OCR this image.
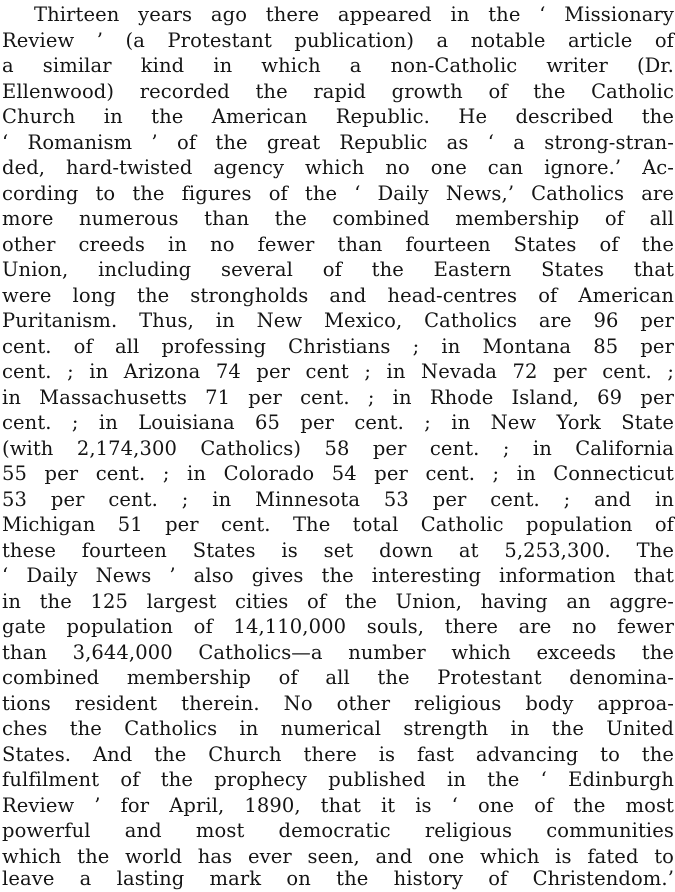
Thirteen years ago there appeared in the ‘ Missionary
Review ’ (a Protestant publication) a notable article of
a similar kind in which a non-Catholic writer (Dr.
Ellenwood) recorded the rapid growth of the Catholic
Church in the American Republic. He described the
‘ Romanism ’ of the great Republic as ‘ a strong-stran-
ded, hard-twisted agency which no one can ignore.’ Ac-
cording to the figures of the ‘ Daily News,’ Catholics are
more numerous than the combined membership of all
other creeds in no fewer than fourteen States of the
Union, including several of the Eastern States that
were long the strongholds and head-centres of American
Puritanism. Thus, in New Mexico, Catholics are 96 per
cent. of all professing Christians ; in Montana 85 per
cent. ; in Arizona 74 per cent ; in Nevada 72 per cent. ;
in Massachusetts 71 per cent. ; in Rhode Island, 69 per
cent. ; in Louisiana 65 per cent. ; in New York State
(with 2,174,300 Catholics) 58 per cent. ; in California
55 per cent. ; in Colorado 54 per cent. ; in Connecticut
53 per cent. ; in Minnesota 53 per cent. ; and in
Michigan 51 per cent. The total Catholic population of
these fourteen States is set down at 5,253,300. The
‘ Daily News ’ also gives the interesting information that
in the 125 largest cities of the Union, having an aggre-
gate population of 14,110,000 souls, there are no fewer
than 3,644,000 Catholics—a number which exceeds the
combined membership of all the Protestant denomina-
tions resident therein. No other religious body approa-
ches the Catholics in numerical strength in the United
States. And the Church there is fast advancing to the
fulfilment of the prophecy published in the ‘ Edinburgh
Review ’ for April, 1890, that it is ‘ one of the most
powerful and most democratic religious communities
which the world has ever seen, and one which is fated to
leave a lasting mark on the history of Christendom.’
